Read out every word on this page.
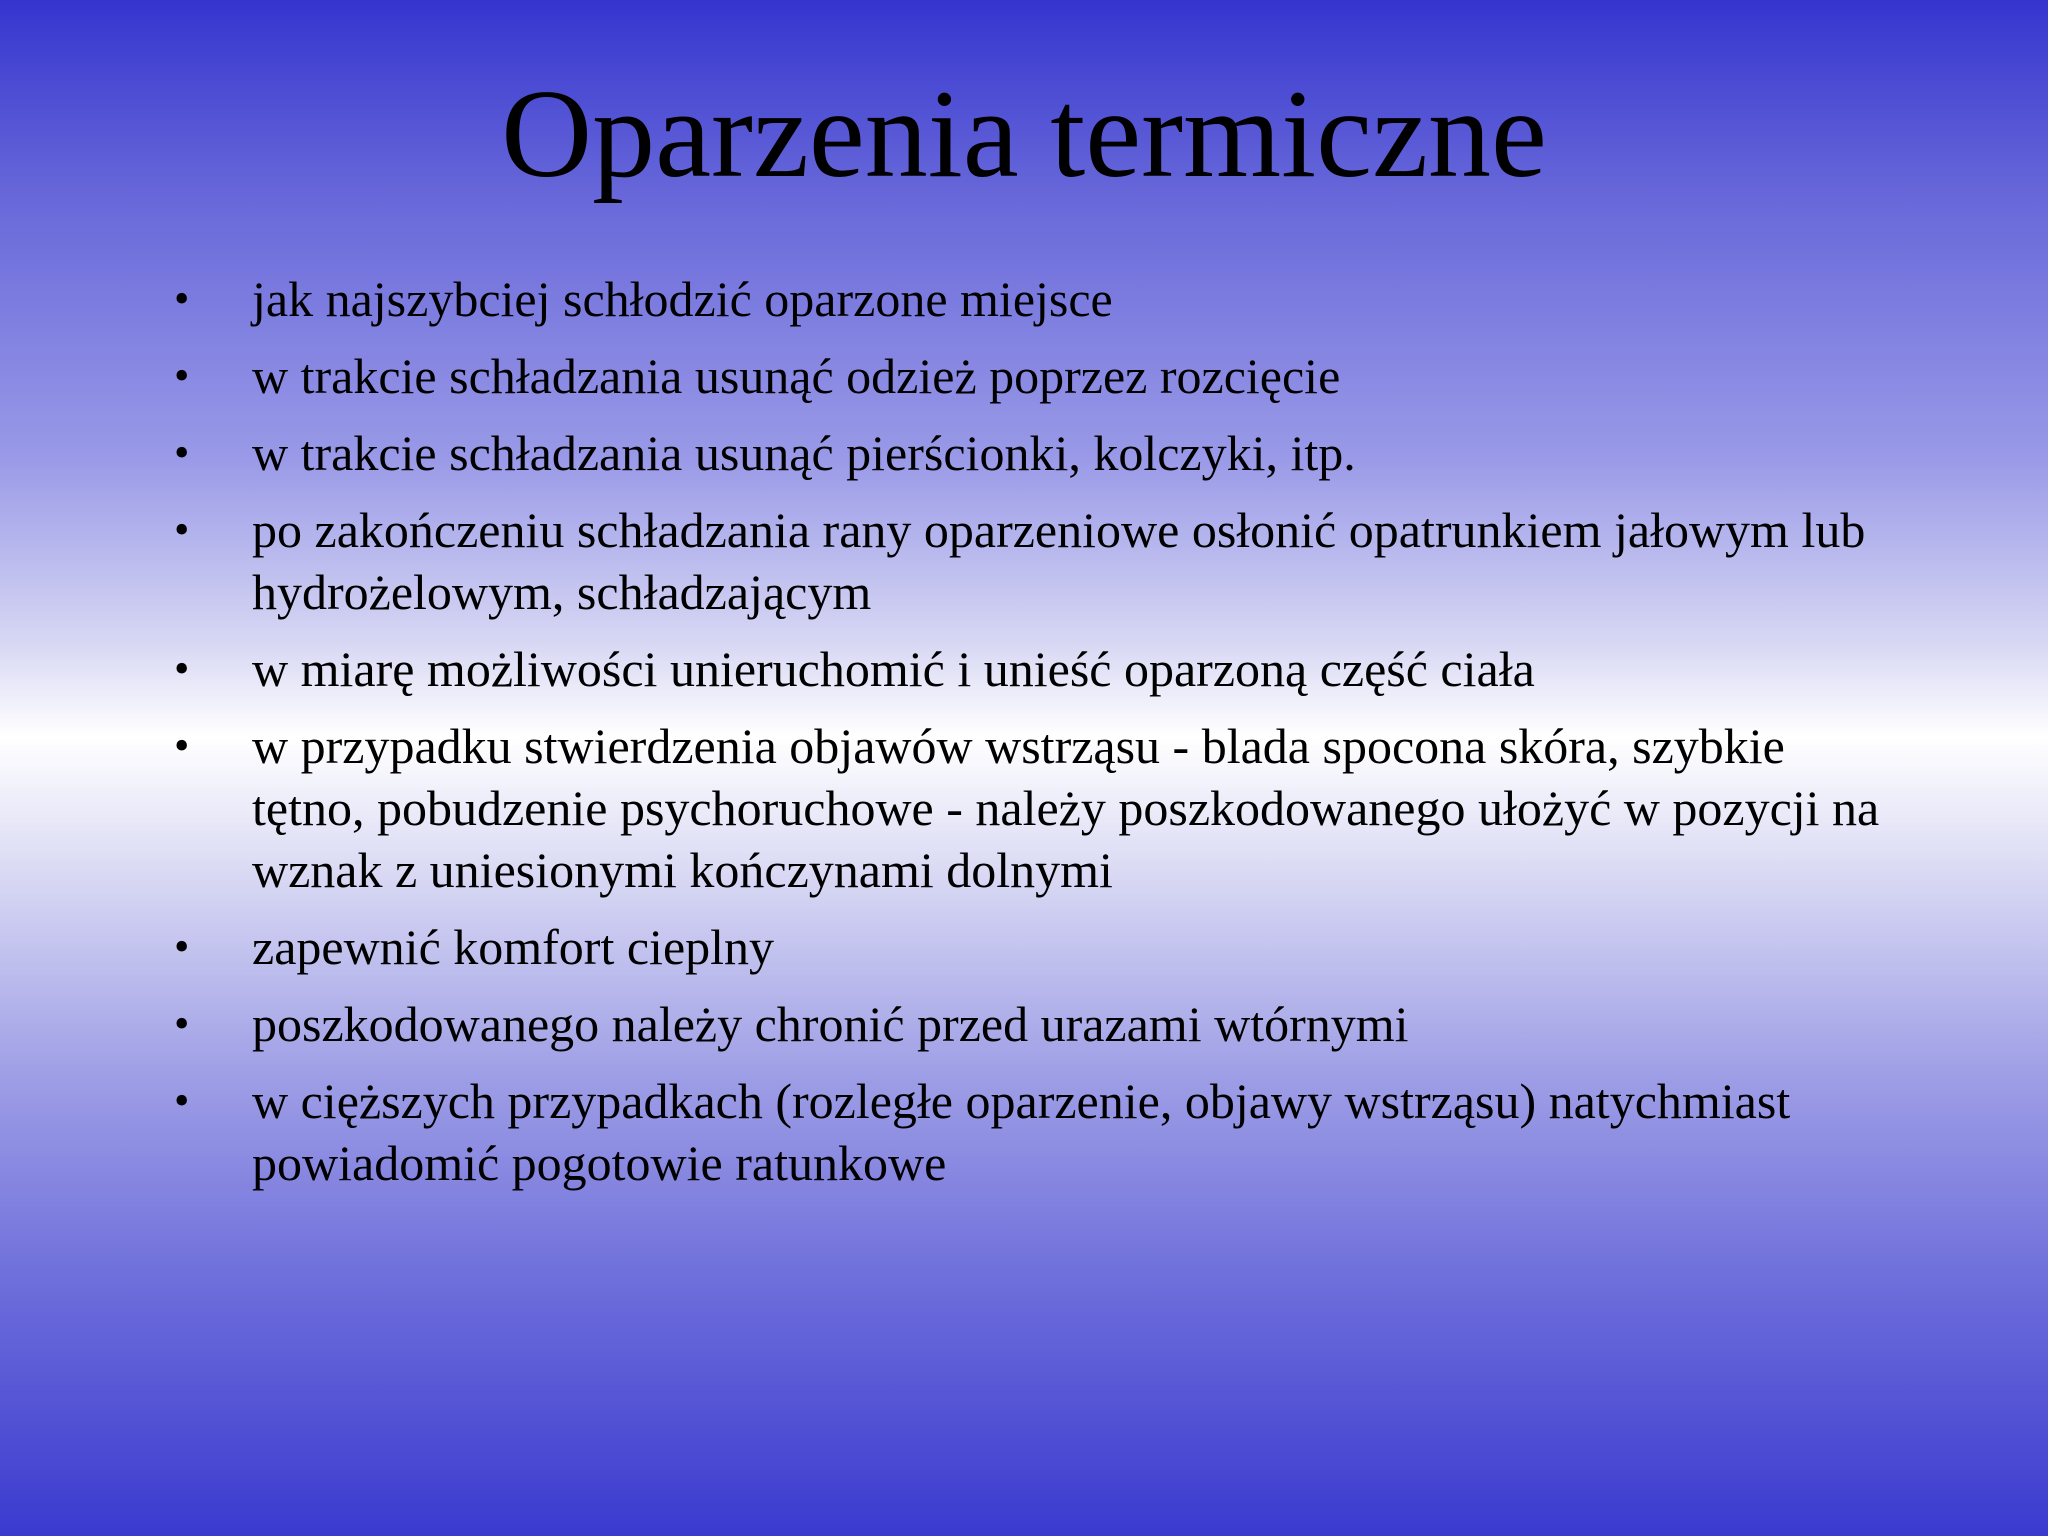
Oparzenia termiczne
• jak najszybciej schłodzić oparzone miejsce
• w trakcie schładzania usunąć odzież poprzez rozcięcie
• w trakcie schładzania usunąć pierścionki, kolczyki, itp.
• po zakończeniu schładzania rany oparzeniowe osłonić opatrunkiem jałowym lub hydrożelowym, schładzającym
• w miarę możliwości unieruchomić i unieść oparzoną część ciała
• w przypadku stwierdzenia objawów wstrząsu - blada spocona skóra, szybkie tętno, pobudzenie psychoruchowe - należy poszkodowanego ułożyć w pozycji na wznak z uniesionymi kończynami dolnymi
• zapewnić komfort cieplny
• poszkodowanego należy chronić przed urazami wtórnymi
• w cięższych przypadkach (rozległe oparzenie, objawy wstrząsu) natychmiast powiadomić pogotowie ratunkowe
